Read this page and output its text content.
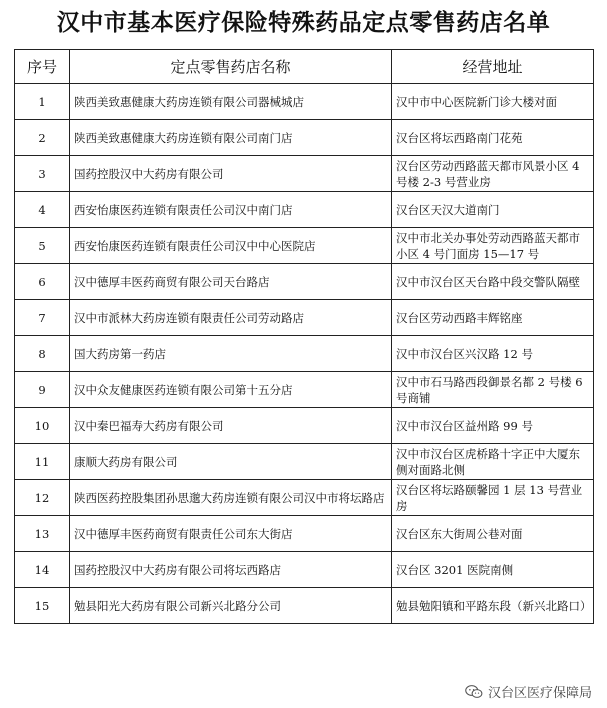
汉中市基本医疗保险特殊药品定点零售药店名单
序号	定点零售药店名称	经营地址
1	陕西美致惠健康大药房连锁有限公司器械城店	汉中市中心医院新门诊大楼对面
2	陕西美致惠健康大药房连锁有限公司南门店	汉台区将坛西路南门花苑
3	国药控股汉中大药房有限公司	汉台区劳动西路蓝天都市风景小区 4 号楼 2-3 号营业房
4	西安怡康医药连锁有限责任公司汉中南门店	汉台区天汉大道南门
5	西安怡康医药连锁有限责任公司汉中中心医院店	汉中市北关办事处劳动西路蓝天都市小区 4 号门面房 15—17 号
6	汉中德厚丰医药商贸有限公司天台路店	汉中市汉台区天台路中段交警队隔壁
7	汉中市派林大药房连锁有限责任公司劳动路店	汉台区劳动西路丰辉铭座
8	国大药房第一药店	汉中市汉台区兴汉路 12 号
9	汉中众友健康医药连锁有限公司第十五分店	汉中市石马路西段御景名都 2 号楼 6 号商铺
10	汉中秦巴福寿大药房有限公司	汉中市汉台区益州路 99 号
11	康顺大药房有限公司	汉中市汉台区虎桥路十字正中大厦东侧对面路北侧
12	陕西医药控股集团孙思邈大药房连锁有限公司汉中市将坛路店	汉台区将坛路颐馨园 1 层 13 号营业房
13	汉中德厚丰医药商贸有限责任公司东大街店	汉台区东大街周公巷对面
14	国药控股汉中大药房有限公司将坛西路店	汉台区 3201 医院南侧
15	勉县阳光大药房有限公司新兴北路分公司	勉县勉阳镇和平路东段（新兴北路口）
汉台区医疗保障局
